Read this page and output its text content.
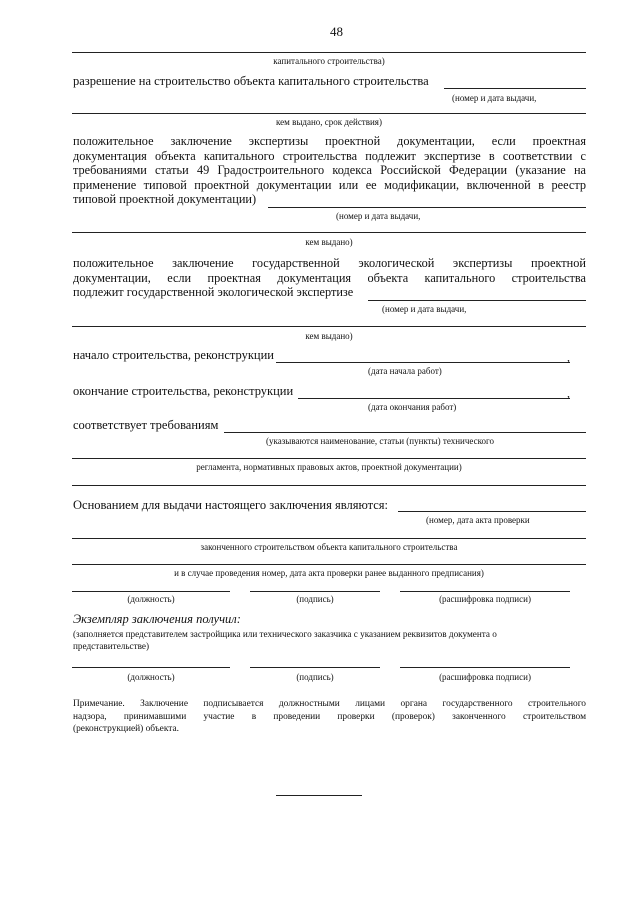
48
капитального строительства)
разрешение на строительство объекта капитального строительства
(номер и дата выдачи,
кем выдано, срок действия)
положительное заключение экспертизы проектной документации, если проектная
документация объекта капитального строительства подлежит экспертизе в соответствии с
требованиями статьи 49 Градостроительного кодекса Российской Федерации (указание на
применение типовой проектной документации или ее модификации, включенной в реестр
типовой проектной документации)
(номер и дата выдачи,
кем выдано)
положительное заключение государственной экологической экспертизы проектной
документации, если проектная документация объекта капитального строительства
подлежит государственной экологической экспертизе
(номер и дата выдачи,
кем выдано)
начало строительства, реконструкции	,
(дата начала работ)
окончание строительства, реконструкции	,
(дата окончания работ)
соответствует требованиям
(указываются наименование, статьи (пункты) технического
регламента, нормативных правовых актов, проектной документации)
Основанием для выдачи настоящего заключения являются:
(номер, дата акта проверки
законченного строительством объекта капитального строительства
и в случае проведения номер, дата акта проверки ранее выданного предписания)
(должность)	(подпись)	(расшифровка подписи)
Экземпляр заключения получил:
(заполняется представителем застройщика или технического заказчика с указанием реквизитов документа о
представительстве)
(должность)	(подпись)	(расшифровка подписи)
Примечание. Заключение подписывается должностными лицами органа государственного строительного
надзора, принимавшими участие в проведении проверки (проверок) законченного строительством
(реконструкцией) объекта.
